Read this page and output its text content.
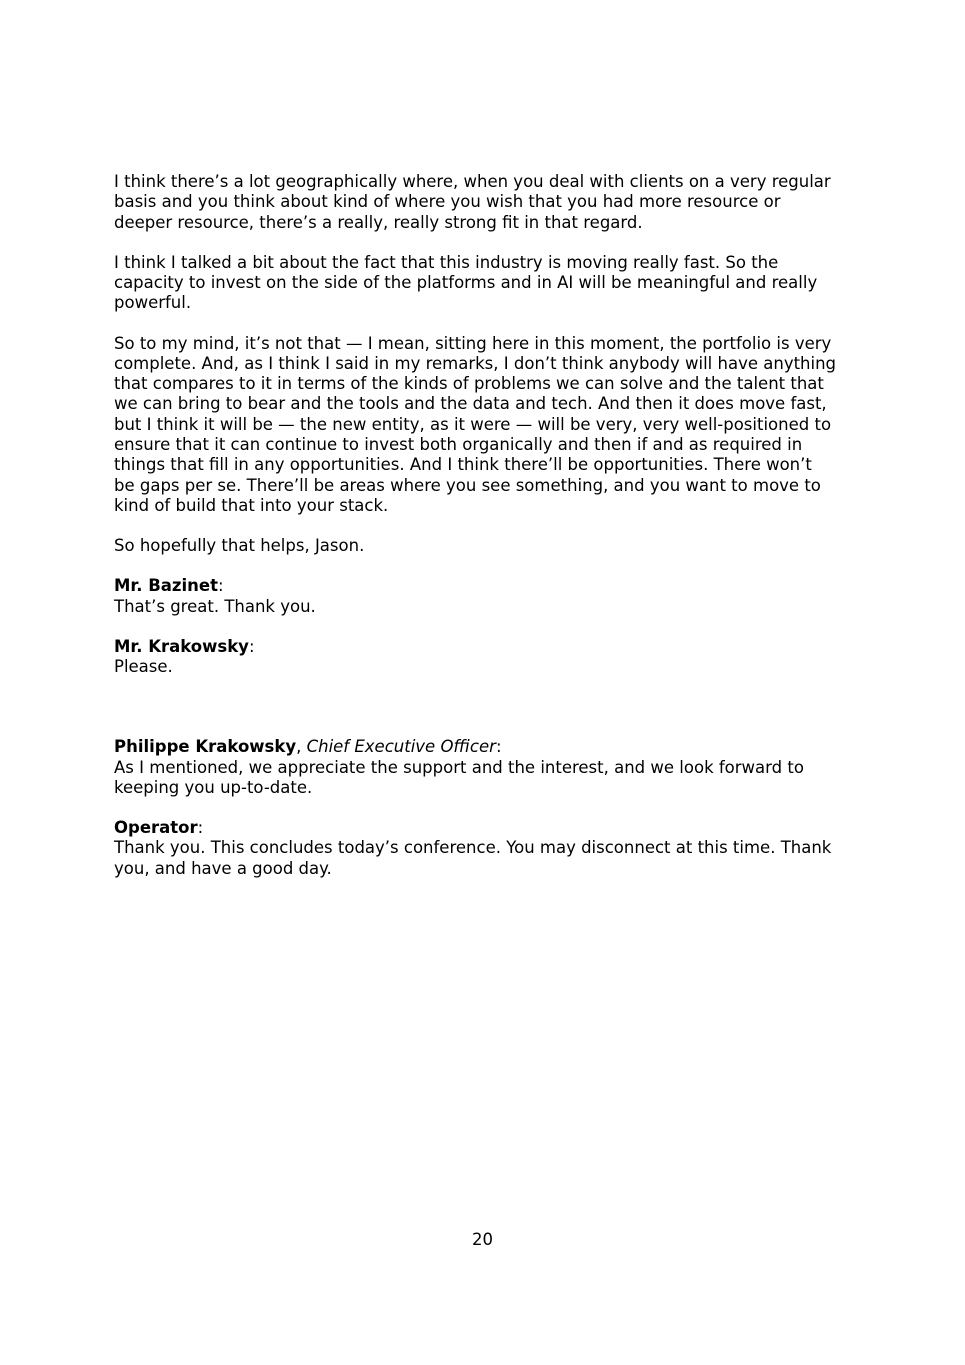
I think there’s a lot geographically where, when you deal with clients on a very regular
basis and you think about kind of where you wish that you had more resource or
deeper resource, there’s a really, really strong fit in that regard.

I think I talked a bit about the fact that this industry is moving really fast. So the
capacity to invest on the side of the platforms and in AI will be meaningful and really
powerful.

So to my mind, it’s not that — I mean, sitting here in this moment, the portfolio is very
complete. And, as I think I said in my remarks, I don’t think anybody will have anything
that compares to it in terms of the kinds of problems we can solve and the talent that
we can bring to bear and the tools and the data and tech. And then it does move fast,
but I think it will be — the new entity, as it were — will be very, very well-positioned to
ensure that it can continue to invest both organically and then if and as required in
things that fill in any opportunities. And I think there’ll be opportunities. There won’t
be gaps per se. There’ll be areas where you see something, and you want to move to
kind of build that into your stack.

So hopefully that helps, Jason.

Mr. Bazinet:

That’s great. Thank you.

Mr. Krakowsky:

Please.

Philippe Krakowsky, Chief Executive Officer:

As I mentioned, we appreciate the support and the interest, and we look forward to
keeping you up-to-date.

Operator:

Thank you. This concludes today’s conference. You may disconnect at this time. Thank
you, and have a good day.

20
